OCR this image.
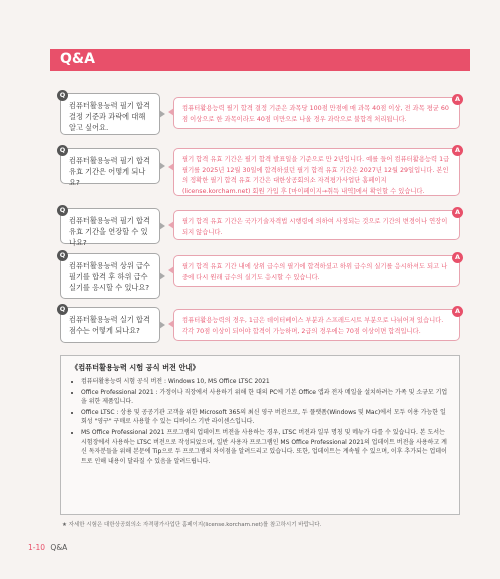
Q&A
Q
컴퓨터활용능력 필기 합격 결정 기준과 과락에 대해 알고 싶어요.
A
컴퓨터활용능력 필기 합격 결정 기준은 과목당 100점 만점에 매 과목 40점 이상, 전 과목 평균 60점 이상으로 한 과목이라도 40점 미만으로 나올 경우 과락으로 불합격 처리됩니다.
Q
컴퓨터활용능력 필기 합격 유효 기간은 어떻게 되나요?
A
필기 합격 유효 기간은 필기 합격 발표일을 기준으로 만 2년입니다. 예를 들어 컴퓨터활용능력 1급 필기를 2025년 12월 30일에 합격하셨던 필기 합격 유효 기간은 2027년 12월 29일입니다. 본인의 정확한 필기 합격 유효 기간은 대한상공회의소 자격평가사업단 홈페이지(license.korcham.net) 회원 가입 후 [마이페이지→취득 내역]에서 확인할 수 있습니다.
Q
컴퓨터활용능력 필기 합격 유효 기간을 연장할 수 있나요?
A
필기 합격 유효 기간은 국가기술자격법 시행령에 의하여 사정되는 것으로 기간의 변경이나 연장이 되지 않습니다.
Q
컴퓨터활용능력 상위 급수 필기를 합격 후 하위 급수 실기를 응시할 수 있나요?
A
필기 합격 유효 기간 내에 상위 급수의 필기에 합격하셨고 하위 급수의 실기를 응시하셔도 되고 나중에 다시 원래 급수의 실기도 응시할 수 있습니다.
Q
컴퓨터활용능력 실기 합격 점수는 어떻게 되나요?
A
컴퓨터활용능력의 경우, 1급은 데이터베이스 부분과 스프레드시트 부분으로 나뉘어져 있습니다. 각각 70점 이상이 되어야 합격이 가능하며, 2급의 경우에는 70점 이상이면 합격입니다.
《컴퓨터활용능력 시험 공식 버전 안내》
• 컴퓨터활용능력 시험 공식 버전 : Windows 10, MS Office LTSC 2021
• Office Professional 2021 : 가정이나 직장에서 사용하기 위해 한 대의 PC에 기본 Office 앱과 전자 메일을 설치하려는 가족 및 소규모 기업을 위한 제품입니다.
• Office LTSC : 상용 및 공공기관 고객을 위한 Microsoft 365의 최신 영구 버전으로, 두 플랫폼(Windows 및 Mac)에서 모두 이용 가능한 일회성 "영구" 구매로 사용할 수 있는 디바이스 기반 라이센스입니다.
• MS Office Professional 2021 프로그램의 업데이트 버전을 사용하는 경우, LTSC 버전과 일부 명칭 및 메뉴가 다를 수 있습니다. 본 도서는 시험장에서 사용하는 LTSC 버전으로 작성되었으며, 일반 사용자 프로그램인 MS Office Professional 2021의 업데이트 버전을 사용하고 계신 독자분들을 위해 본문에 Tip으로 두 프로그램의 차이점을 알려드리고 있습니다. 또한, 업데이트는 계속될 수 있으며, 이후 추가되는 업데이트로 인해 내용이 달라질 수 있음을 알려드립니다.
★ 자세한 시험은 대한상공회의소 자격평가사업단 홈페이지(license.korcham.net)를 참고하시기 바랍니다.
1-10 Q&A
